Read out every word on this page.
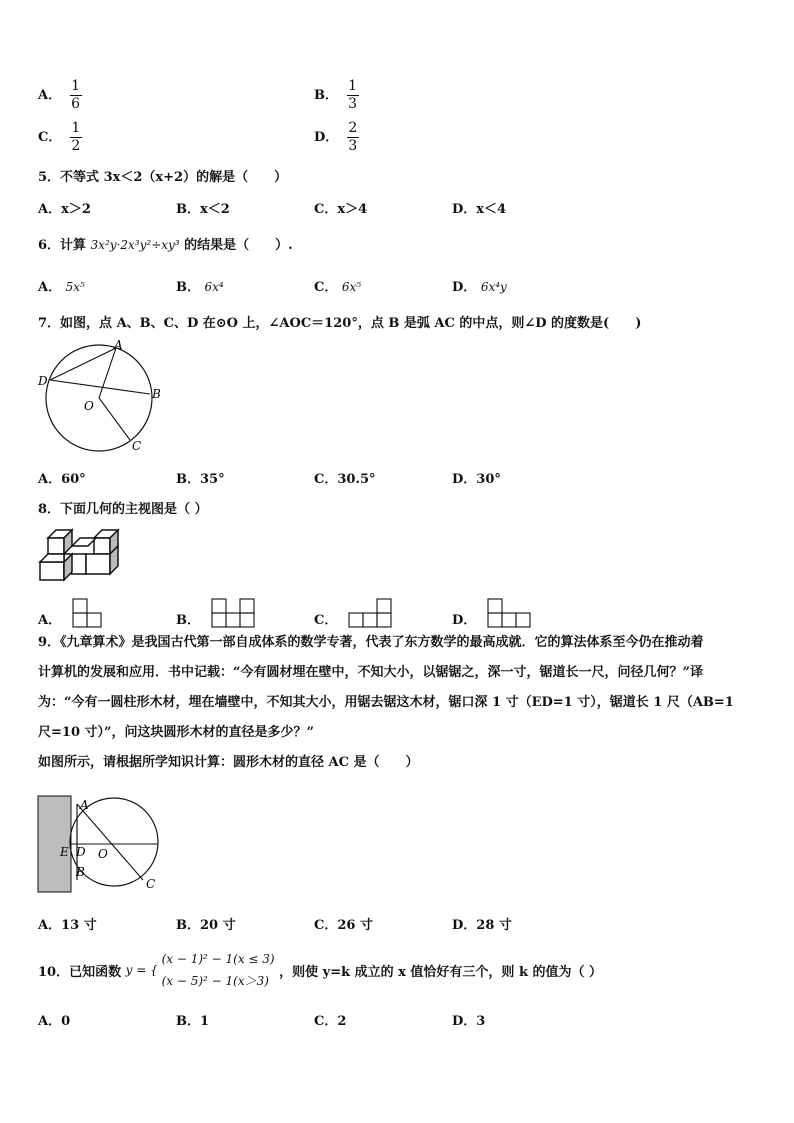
A． $\frac{1}{6}$	B． $\frac{1}{3}$
C． $\frac{1}{2}$	D． $\frac{2}{3}$
5．不等式 3x＜2（x+2）的解是（　　）
A．x＞2	B．x＜2	C．x＞4	D．x＜4
6．计算 3x²y·2x³y²÷xy³ 的结果是（　　）.
A． 5x⁵	B． 6x⁴	C． 6x⁵	D． 6x⁴y
7．如图，点 A、B、C、D 在⊙O 上，∠AOC＝120°，点 B 是弧 AC 的中点，则∠D 的度数是(　　)
A
D
B
O
C
A．60°	B．35°	C．30.5°	D．30°
8．下面几何的主视图是（ ）
A．	B．	C．	D．
9．《九章算术》是我国古代第一部自成体系的数学专著，代表了东方数学的最高成就．它的算法体系至今仍在推动着
计算机的发展和应用．书中记载：“今有圆材埋在壁中，不知大小，以锯锯之，深一寸，锯道长一尺，问径几何？”译
为：“今有一圆柱形木材，埋在墙壁中，不知其大小，用锯去锯这木材，锯口深 1 寸（ED=1 寸），锯道长 1 尺（AB=1
尺=10 寸）”，问这块圆形木材的直径是多少？”
如图所示，请根据所学知识计算：圆形木材的直径 AC 是（　　）
A
E D O
B
C
A．13 寸	B．20 寸	C．26 寸	D．28 寸
10．已知函数 y = {
(x − 1)² − 1(x ≤ 3)
(x − 5)² − 1(x＞3)
，则使 y=k 成立的 x 值恰好有三个，则 k 的值为（ ）
A．0	B．1	C．2	D．3
